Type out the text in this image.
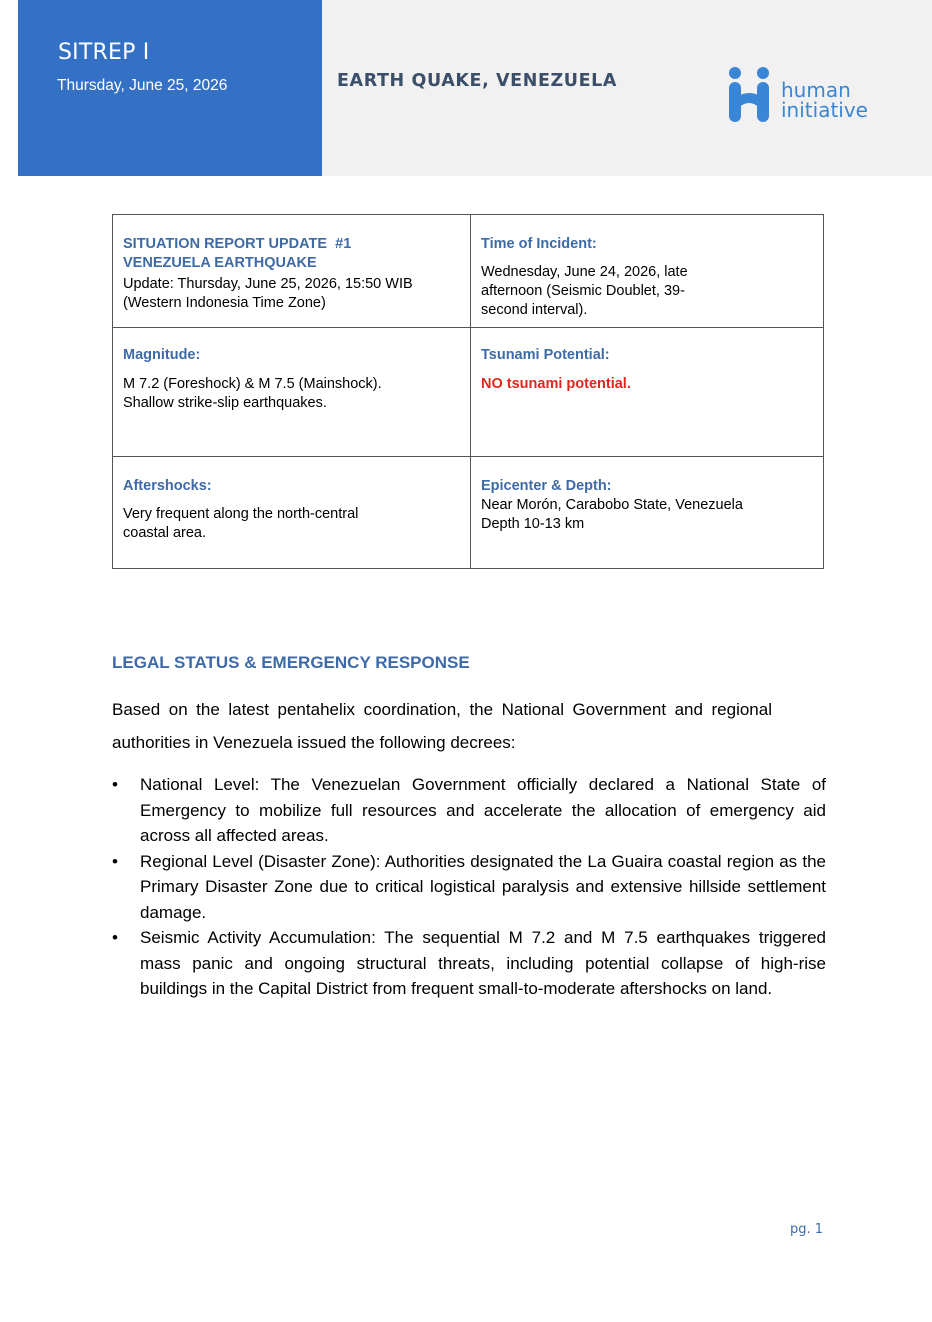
SITREP I
Thursday, June 25, 2026	EARTH QUAKE, VENEZUELA	human
initiative
SITUATION REPORT UPDATE  #1
VENEZUELA EARTHQUAKE
Update: Thursday, June 25, 2026, 15:50 WIB
(Western Indonesia Time Zone)
Time of Incident:
Wednesday, June 24, 2026, late
afternoon (Seismic Doublet, 39-
second interval).
Magnitude:
M 7.2 (Foreshock) & M 7.5 (Mainshock).
Shallow strike-slip earthquakes.
Tsunami Potential:
NO tsunami potential.
Aftershocks:
Very frequent along the north-central
coastal area.
Epicenter & Depth:
Near Morón, Carabobo State, Venezuela
Depth 10-13 km
LEGAL STATUS & EMERGENCY RESPONSE
Based on the latest pentahelix coordination, the National Government and regional authorities in Venezuela issued the following decrees:
• National Level: The Venezuelan Government officially declared a National State of Emergency to mobilize full resources and accelerate the allocation of emergency aid across all affected areas.
• Regional Level (Disaster Zone): Authorities designated the La Guaira coastal region as the Primary Disaster Zone due to critical logistical paralysis and extensive hillside settlement damage.
• Seismic Activity Accumulation: The sequential M 7.2 and M 7.5 earthquakes triggered mass panic and ongoing structural threats, including potential collapse of high-rise buildings in the Capital District from frequent small-to-moderate aftershocks on land.
pg. 1
